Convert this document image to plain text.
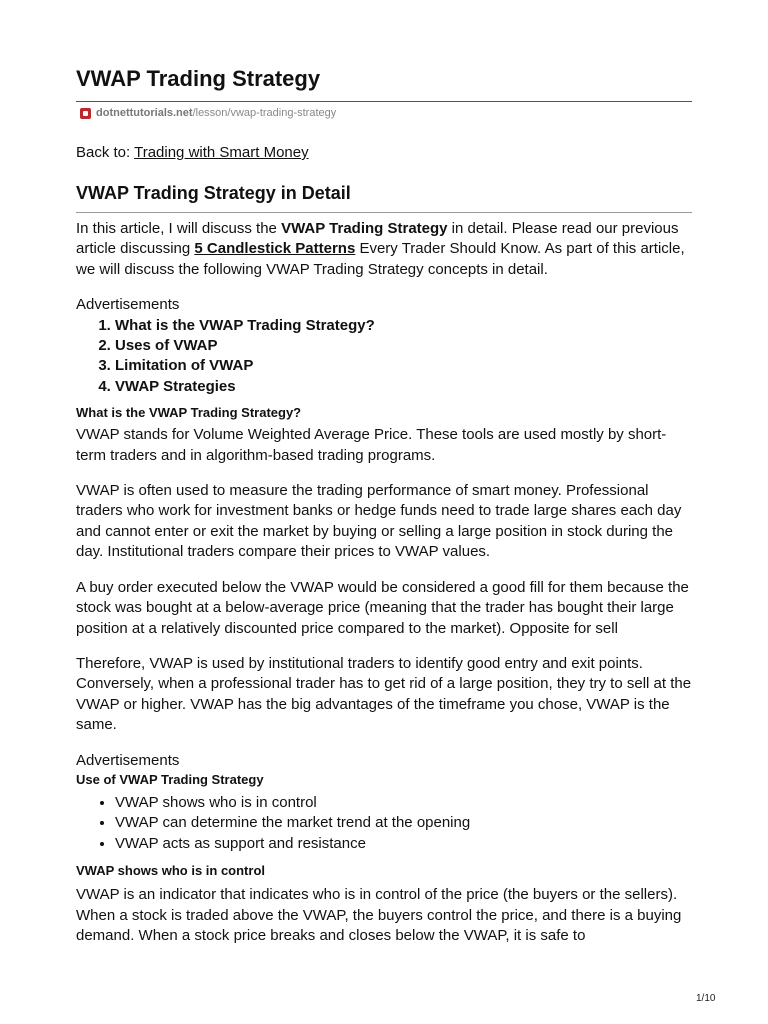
VWAP Trading Strategy
dotnettutorials.net /lesson/vwap-trading-strategy
Back to: Trading with Smart Money
VWAP Trading Strategy in Detail

In this article, I will discuss the VWAP Trading Strategy in detail. Please read our previous article discussing 5 Candlestick Patterns Every Trader Should Know. As part of this article, we will discuss the following VWAP Trading Strategy concepts in detail.

Advertisements

1. What is the VWAP Trading Strategy?
2. Uses of VWAP
3. Limitation of VWAP
4. VWAP Strategies
What is the VWAP Trading Strategy?

VWAP stands for Volume Weighted Average Price. These tools are used mostly by short-term traders and in algorithm-based trading programs.

VWAP is often used to measure the trading performance of smart money. Professional traders who work for investment banks or hedge funds need to trade large shares each day and cannot enter or exit the market by buying or selling a large position in stock during the day. Institutional traders compare their prices to VWAP values.

A buy order executed below the VWAP would be considered a good fill for them because the stock was bought at a below-average price (meaning that the trader has bought their large position at a relatively discounted price compared to the market). Opposite for sell

Therefore, VWAP is used by institutional traders to identify good entry and exit points. Conversely, when a professional trader has to get rid of a large position, they try to sell at the VWAP or higher. VWAP has the big advantages of the timeframe you chose, VWAP is the same.

Advertisements

Use of VWAP Trading Strategy
• VWAP shows who is in control
• VWAP can determine the market trend at the opening
• VWAP acts as support and resistance
VWAP shows who is in control

VWAP is an indicator that indicates who is in control of the price (the buyers or the sellers). When a stock is traded above the VWAP, the buyers control the price, and there is a buying demand. When a stock price breaks and closes below the VWAP, it is safe to

1/10
